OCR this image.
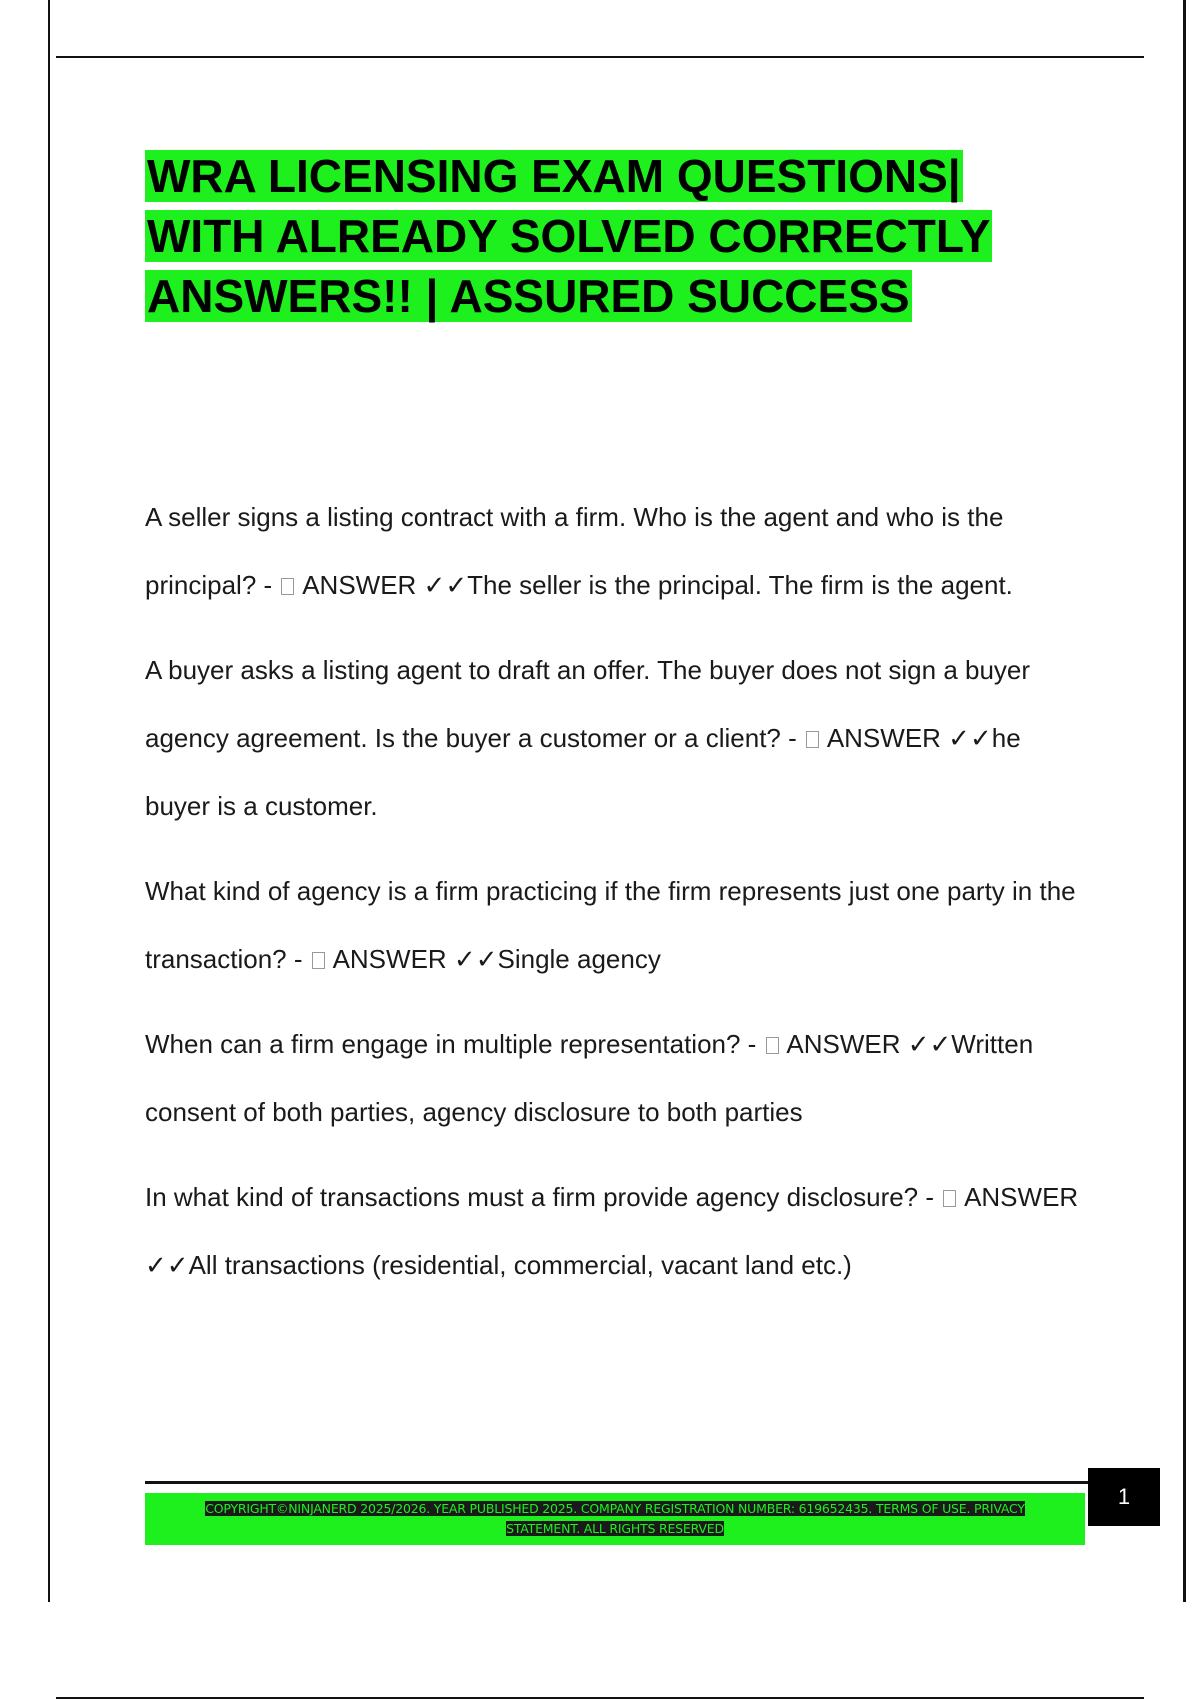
WRA LICENSING EXAM QUESTIONS|
WITH ALREADY SOLVED CORRECTLY
ANSWERS!! | ASSURED SUCCESS

A seller signs a listing contract with a firm. Who is the agent and who is the principal? - ANSWER ✓✓The seller is the principal. The firm is the agent.

A buyer asks a listing agent to draft an offer. The buyer does not sign a buyer agency agreement. Is the buyer a customer or a client? - ANSWER ✓✓he buyer is a customer.

What kind of agency is a firm practicing if the firm represents just one party in the transaction? - ANSWER ✓✓Single agency

When can a firm engage in multiple representation? - ANSWER ✓✓Written consent of both parties, agency disclosure to both parties

In what kind of transactions must a firm provide agency disclosure? - ANSWER ✓✓All transactions (residential, commercial, vacant land etc.)

COPYRIGHT©NINJANERD 2025/2026. YEAR PUBLISHED 2025. COMPANY REGISTRATION NUMBER: 619652435. TERMS OF USE. PRIVACY
STATEMENT. ALL RIGHTS RESERVED
1
